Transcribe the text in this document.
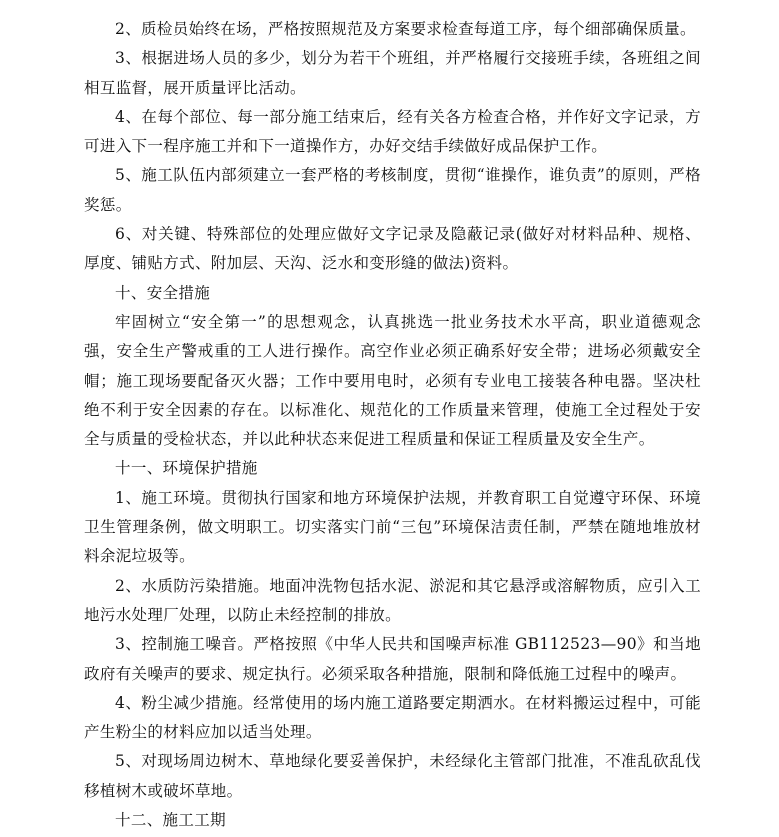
2、质检员始终在场，严格按照规范及方案要求检查每道工序，每个细部确保质量。

3、根据进场人员的多少，划分为若干个班组，并严格履行交接班手续，各班组之间相互监督，展开质量评比活动。

4、在每个部位、每一部分施工结束后，经有关各方检查合格，并作好文字记录，方可进入下一程序施工并和下一道操作方，办好交结手续做好成品保护工作。

5、施工队伍内部须建立一套严格的考核制度，贯彻“谁操作，谁负责”的原则，严格奖惩。

6、对关键、特殊部位的处理应做好文字记录及隐蔽记录(做好对材料品种、规格、厚度、铺贴方式、附加层、天沟、泛水和变形缝的做法)资料。

十、安全措施

牢固树立“安全第一”的思想观念，认真挑选一批业务技术水平高，职业道德观念强，安全生产警戒重的工人进行操作。高空作业必须正确系好安全带；进场必须戴安全帽；施工现场要配备灭火器；工作中要用电时，必须有专业电工接装各种电器。坚决杜绝不利于安全因素的存在。以标准化、规范化的工作质量来管理，使施工全过程处于安全与质量的受检状态，并以此种状态来促进工程质量和保证工程质量及安全生产。

十一、环境保护措施

1、施工环境。贯彻执行国家和地方环境保护法规，并教育职工自觉遵守环保、环境卫生管理条例，做文明职工。切实落实门前“三包”环境保洁责任制，严禁在随地堆放材料余泥垃圾等。

2、水质防污染措施。地面冲洗物包括水泥、淤泥和其它悬浮或溶解物质，应引入工地污水处理厂处理，以防止未经控制的排放。

3、控制施工噪音。严格按照《中华人民共和国噪声标准 GB112523—90》和当地政府有关噪声的要求、规定执行。必须采取各种措施，限制和降低施工过程中的噪声。

4、粉尘减少措施。经常使用的场内施工道路要定期洒水。在材料搬运过程中，可能产生粉尘的材料应加以适当处理。

5、对现场周边树木、草地绿化要妥善保护，未经绿化主管部门批准，不准乱砍乱伐移植树木或破坏草地。

十二、施工工期
